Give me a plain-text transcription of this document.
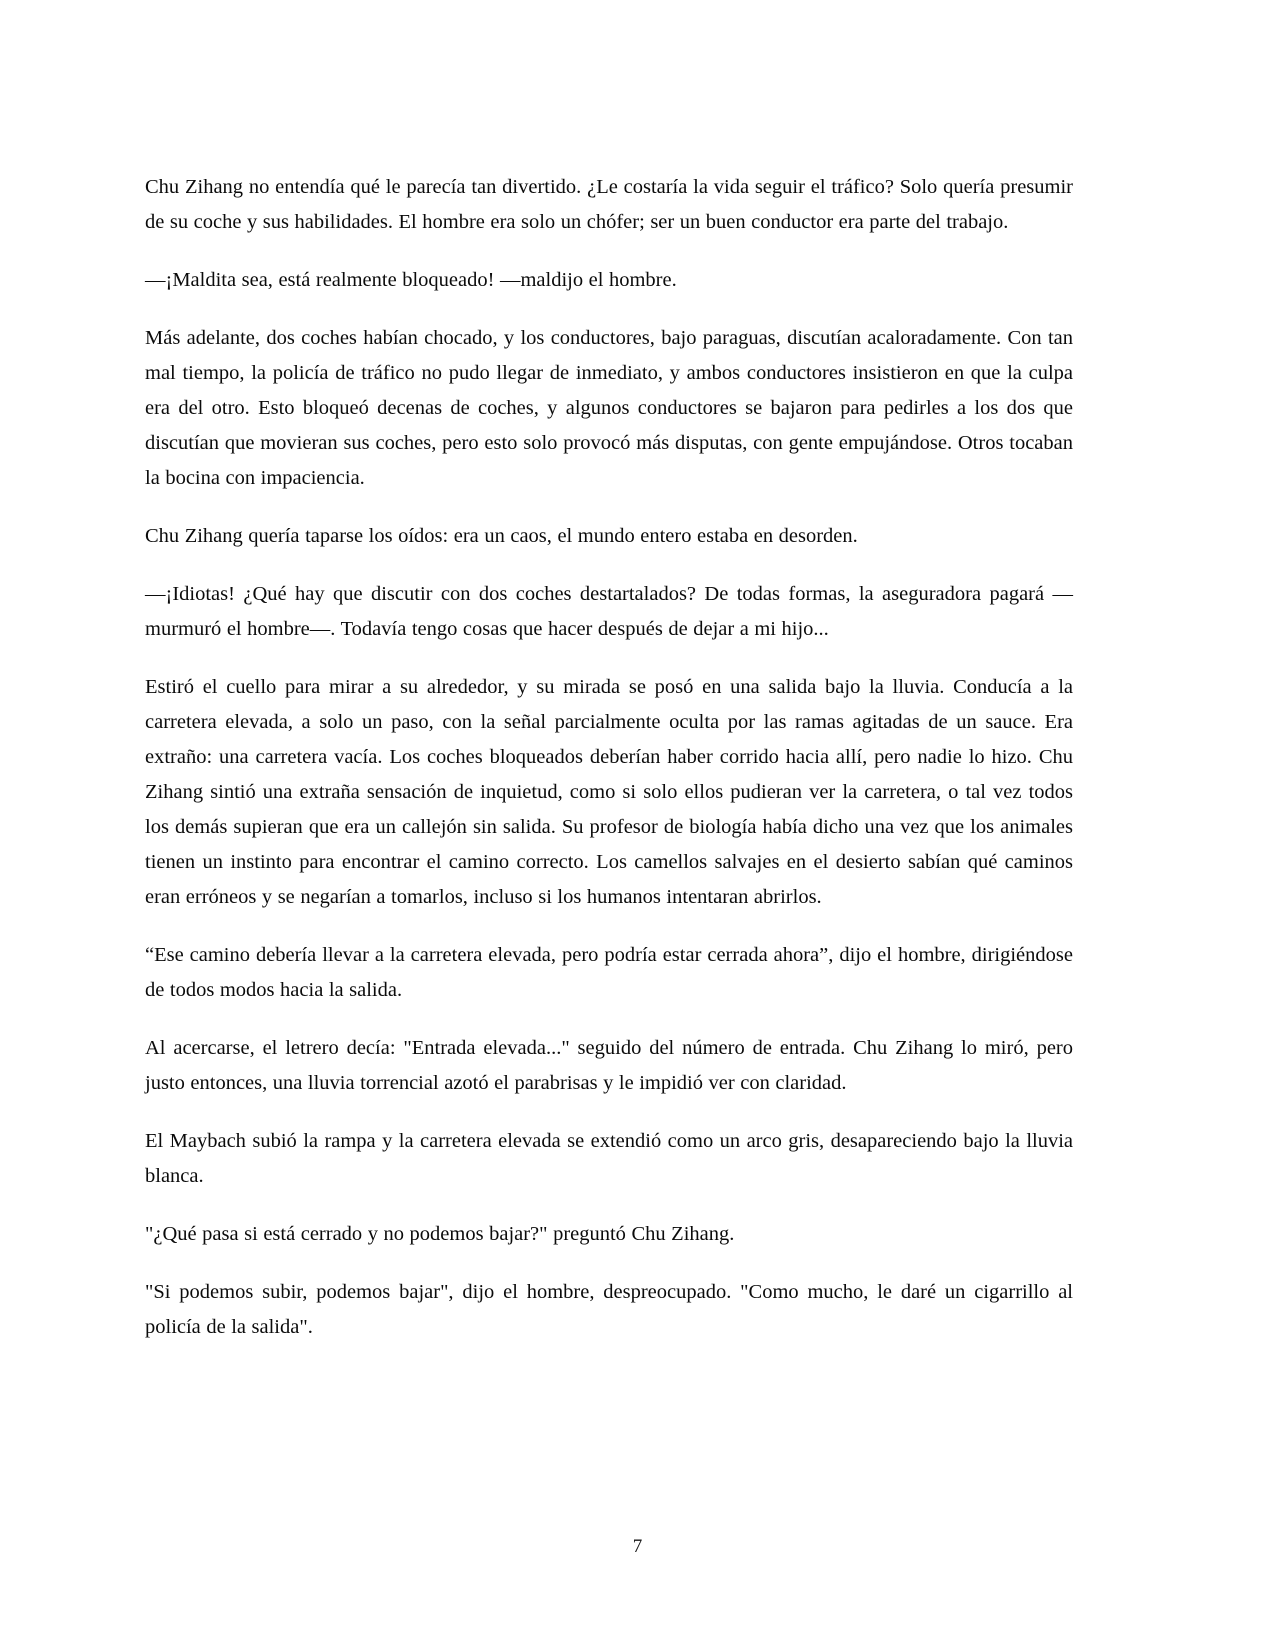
Chu Zihang no entendía qué le parecía tan divertido. ¿Le costaría la vida seguir el tráfico? Solo quería presumir de su coche y sus habilidades. El hombre era solo un chófer; ser un buen conductor era parte del trabajo.

—¡Maldita sea, está realmente bloqueado! —maldijo el hombre.

Más adelante, dos coches habían chocado, y los conductores, bajo paraguas, discutían acaloradamente. Con tan mal tiempo, la policía de tráfico no pudo llegar de inmediato, y ambos conductores insistieron en que la culpa era del otro. Esto bloqueó decenas de coches, y algunos conductores se bajaron para pedirles a los dos que discutían que movieran sus coches, pero esto solo provocó más disputas, con gente empujándose. Otros tocaban la bocina con impaciencia.

Chu Zihang quería taparse los oídos: era un caos, el mundo entero estaba en desorden.

—¡Idiotas! ¿Qué hay que discutir con dos coches destartalados? De todas formas, la aseguradora pagará —murmuró el hombre—. Todavía tengo cosas que hacer después de dejar a mi hijo...

Estiró el cuello para mirar a su alrededor, y su mirada se posó en una salida bajo la lluvia. Conducía a la carretera elevada, a solo un paso, con la señal parcialmente oculta por las ramas agitadas de un sauce. Era extraño: una carretera vacía. Los coches bloqueados deberían haber corrido hacia allí, pero nadie lo hizo. Chu Zihang sintió una extraña sensación de inquietud, como si solo ellos pudieran ver la carretera, o tal vez todos los demás supieran que era un callejón sin salida. Su profesor de biología había dicho una vez que los animales tienen un instinto para encontrar el camino correcto. Los camellos salvajes en el desierto sabían qué caminos eran erróneos y se negarían a tomarlos, incluso si los humanos intentaran abrirlos.

“Ese camino debería llevar a la carretera elevada, pero podría estar cerrada ahora”, dijo el hombre, dirigiéndose de todos modos hacia la salida.

Al acercarse, el letrero decía: "Entrada elevada..." seguido del número de entrada. Chu Zihang lo miró, pero justo entonces, una lluvia torrencial azotó el parabrisas y le impidió ver con claridad.

El Maybach subió la rampa y la carretera elevada se extendió como un arco gris, desapareciendo bajo la lluvia blanca.

"¿Qué pasa si está cerrado y no podemos bajar?" preguntó Chu Zihang.

"Si podemos subir, podemos bajar", dijo el hombre, despreocupado. "Como mucho, le daré un cigarrillo al policía de la salida".

7
